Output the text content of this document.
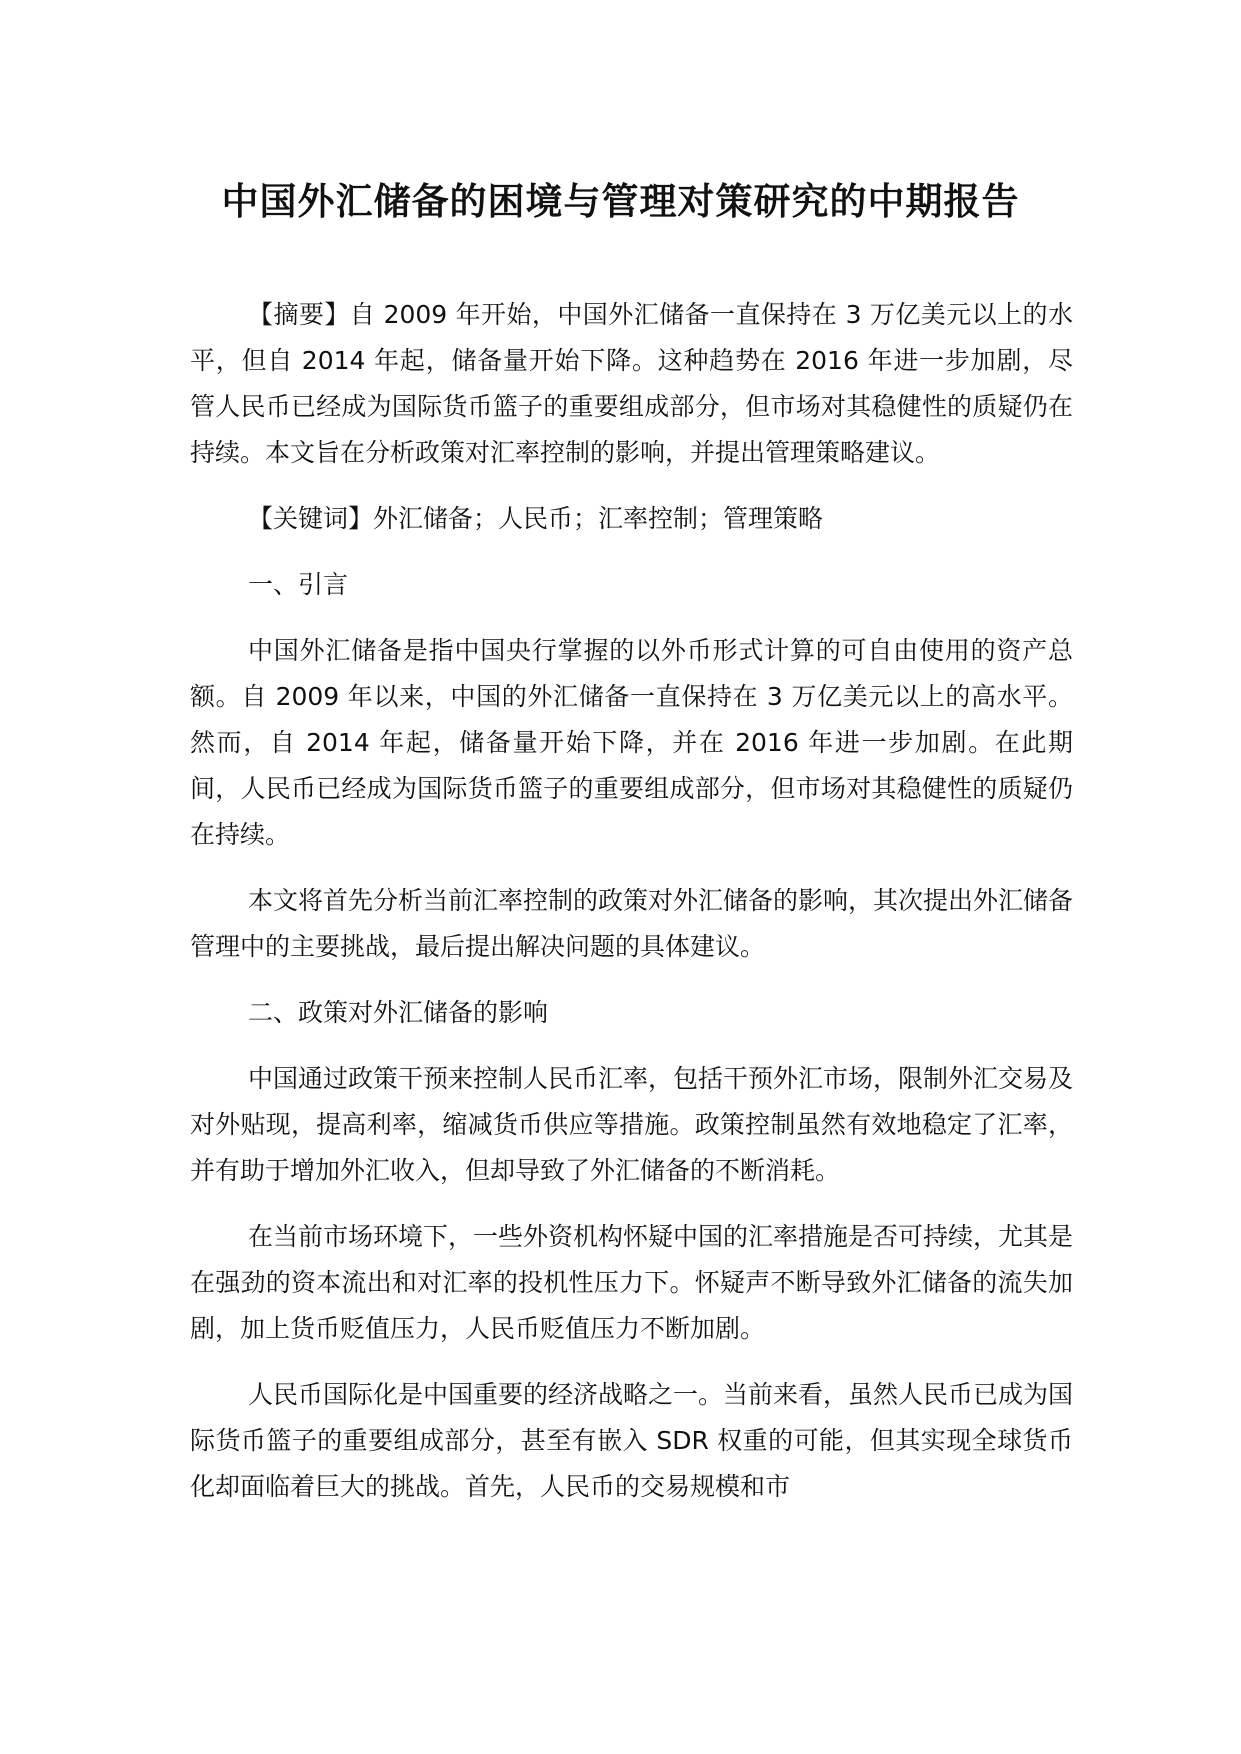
中国外汇储备的困境与管理对策研究的中期报告

【摘要】自 2009 年开始，中国外汇储备一直保持在 3 万亿美元以上的水平，但自 2014 年起，储备量开始下降。这种趋势在 2016 年进一步加剧，尽管人民币已经成为国际货币篮子的重要组成部分，但市场对其稳健性的质疑仍在持续。本文旨在分析政策对汇率控制的影响，并提出管理策略建议。

【关键词】外汇储备；人民币；汇率控制；管理策略

一、引言

中国外汇储备是指中国央行掌握的以外币形式计算的可自由使用的资产总额。自 2009 年以来，中国的外汇储备一直保持在 3 万亿美元以上的高水平。然而，自 2014 年起，储备量开始下降，并在 2016 年进一步加剧。在此期间，人民币已经成为国际货币篮子的重要组成部分，但市场对其稳健性的质疑仍在持续。

本文将首先分析当前汇率控制的政策对外汇储备的影响，其次提出外汇储备管理中的主要挑战，最后提出解决问题的具体建议。

二、政策对外汇储备的影响

中国通过政策干预来控制人民币汇率，包括干预外汇市场，限制外汇交易及对外贴现，提高利率，缩减货币供应等措施。政策控制虽然有效地稳定了汇率，并有助于增加外汇收入，但却导致了外汇储备的不断消耗。

在当前市场环境下，一些外资机构怀疑中国的汇率措施是否可持续，尤其是在强劲的资本流出和对汇率的投机性压力下。怀疑声不断导致外汇储备的流失加剧，加上货币贬值压力，人民币贬值压力不断加剧。

人民币国际化是中国重要的经济战略之一。当前来看，虽然人民币已成为国际货币篮子的重要组成部分，甚至有嵌入 SDR 权重的可能，但其实现全球货币化却面临着巨大的挑战。首先，人民币的交易规模和市
